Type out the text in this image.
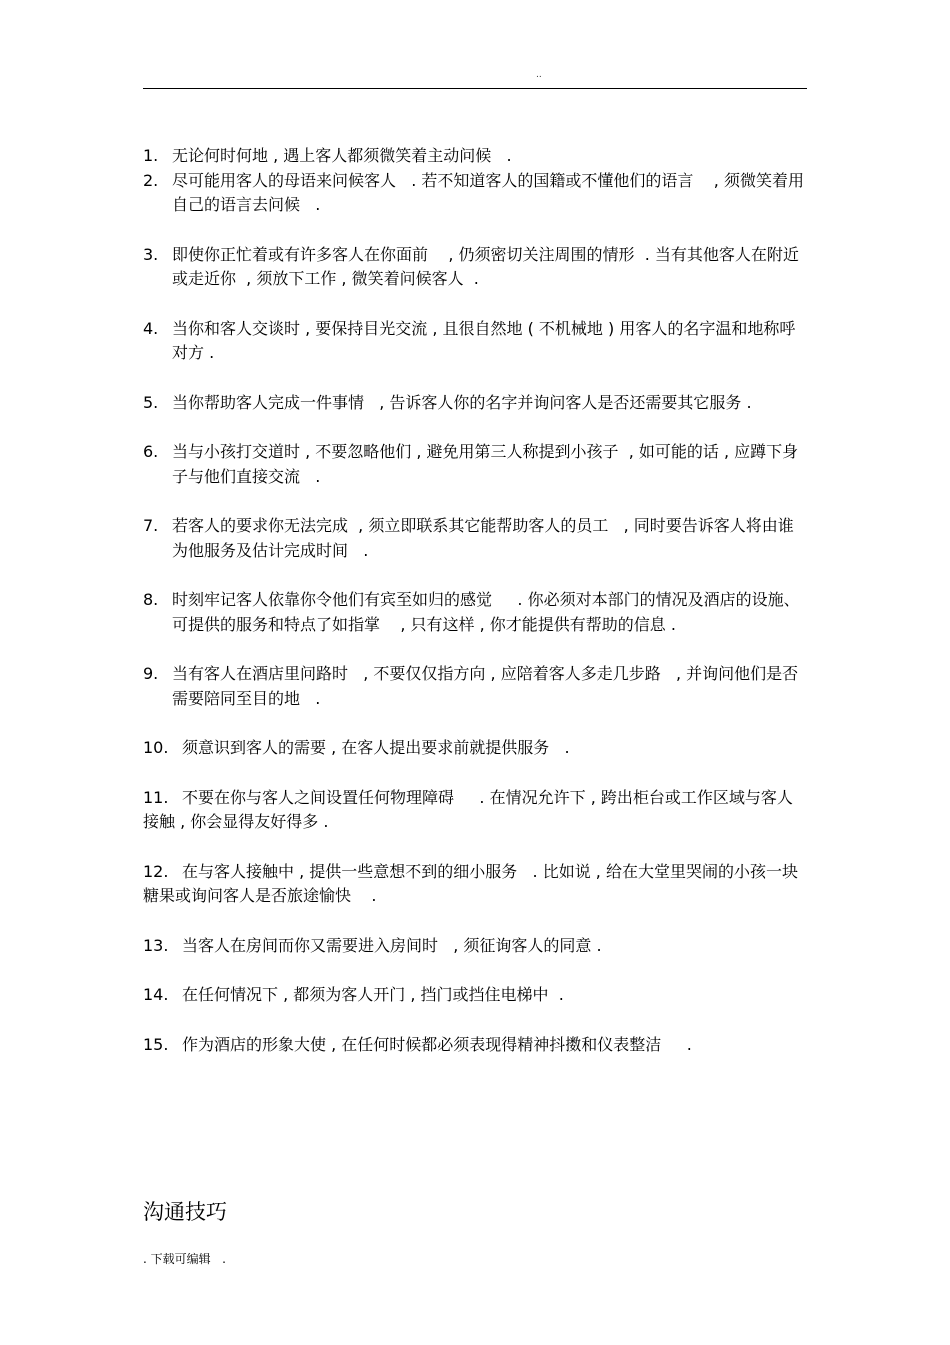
..
1. 无论何时何地 , 遇上客人都须微笑着主动问候   .
2. 尽可能用客人的母语来问候客人   . 若不知道客人的国籍或不懂他们的语言    , 须微笑着用自己的语言去问候   .
3. 即使你正忙着或有许多客人在你面前    , 仍须密切关注周围的情形  . 当有其他客人在附近或走近你  , 须放下工作 , 微笑着问候客人  .
4. 当你和客人交谈时 , 要保持目光交流 , 且很自然地 ( 不机械地 ) 用客人的名字温和地称呼对方 .
5. 当你帮助客人完成一件事情   , 告诉客人你的名字并询问客人是否还需要其它服务 .
6. 当与小孩打交道时 , 不要忽略他们 , 避免用第三人称提到小孩子  , 如可能的话 , 应蹲下身子与他们直接交流   .
7. 若客人的要求你无法完成  , 须立即联系其它能帮助客人的员工   , 同时要告诉客人将由谁为他服务及估计完成时间   .
8. 时刻牢记客人依靠你令他们有宾至如归的感觉     . 你必须对本部门的情况及酒店的设施、可提供的服务和特点了如指掌    , 只有这样 , 你才能提供有帮助的信息 .
9. 当有客人在酒店里问路时   , 不要仅仅指方向 , 应陪着客人多走几步路   , 并询问他们是否需要陪同至目的地   .
10. 须意识到客人的需要 , 在客人提出要求前就提供服务   .
11. 不要在你与客人之间设置任何物理障碍     . 在情况允许下 , 跨出柜台或工作区域与客人接触 , 你会显得友好得多 .
12. 在与客人接触中 , 提供一些意想不到的细小服务   . 比如说 , 给在大堂里哭闹的小孩一块糖果或询问客人是否旅途愉快    .
13. 当客人在房间而你又需要进入房间时   , 须征询客人的同意 .
14. 在任何情况下 , 都须为客人开门 , 挡门或挡住电梯中  .
15. 作为酒店的形象大使 , 在任何时候都必须表现得精神抖擞和仪表整洁     .
沟通技巧
. 下载可编辑   .
